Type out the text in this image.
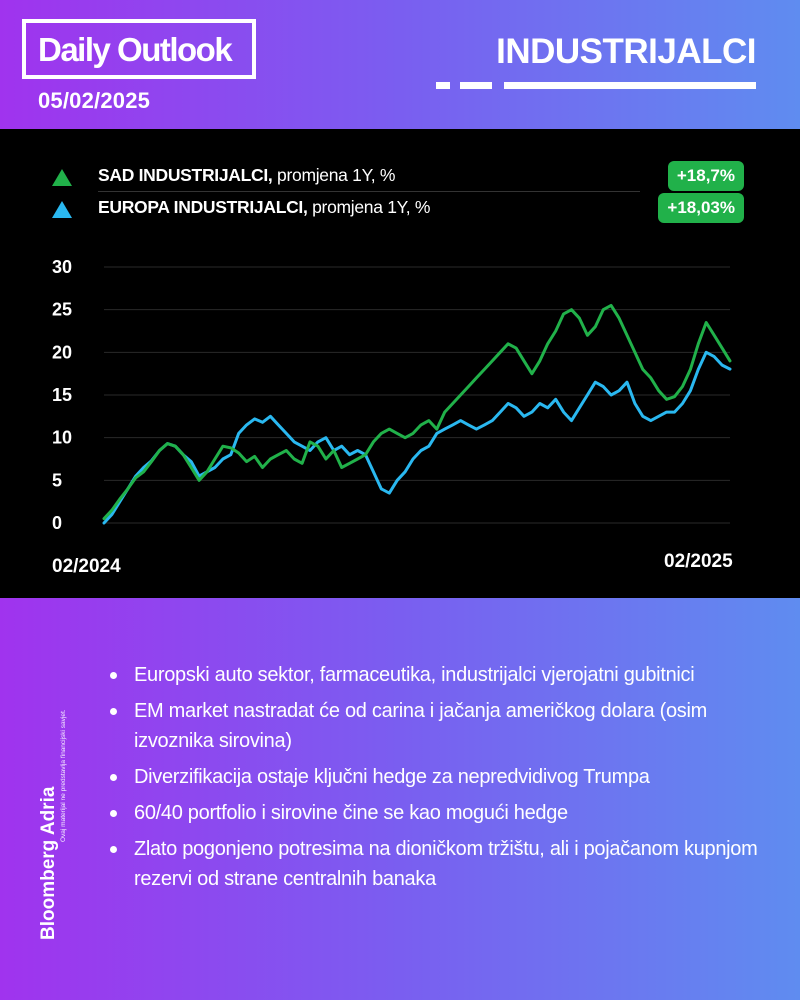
Daily Outlook
05/02/2025
INDUSTRIJALCI
SAD INDUSTRIJALCI, promjena 1Y, %	+18,7%
EUROPA INDUSTRIJALCI, promjena 1Y, %	+18,03%
30
25
20
15
10
5
0
02/2024	02/2025
Bloomberg Adria
Ovaj materijal ne predstavlja financijski savjet.
Europski auto sektor, farmaceutika, industrijalci vjerojatni gubitnici
EM market nastradat će od carina i jačanja američkog dolara (osim izvoznika sirovina)
Diverzifikacija ostaje ključni hedge za nepredvidivog Trumpa
60/40 portfolio i sirovine čine se kao mogući hedge
Zlato pogonjeno potresima na dioničkom tržištu, ali i pojačanom kupnjom rezervi od strane centralnih banaka
